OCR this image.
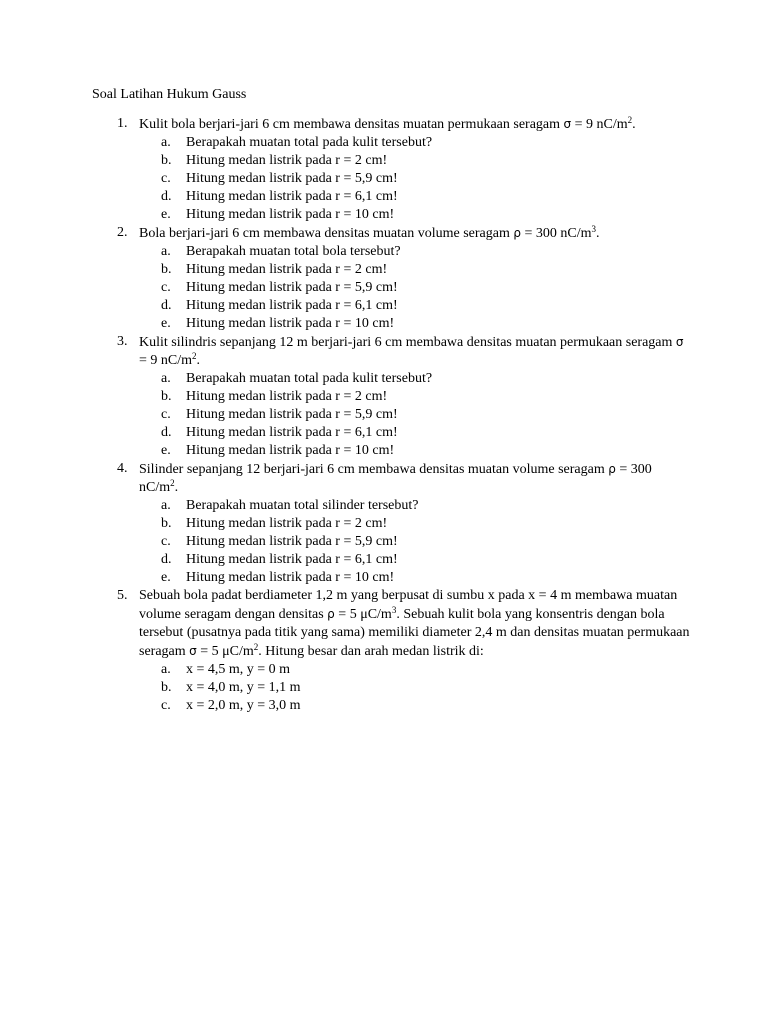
Soal Latihan Hukum Gauss
1. Kulit bola berjari-jari 6 cm membawa densitas muatan permukaan seragam σ = 9 $nC/m^2$.
a. Berapakah muatan total pada kulit tersebut?
b. Hitung medan listrik pada r = 2 cm!
c. Hitung medan listrik pada r = 5,9 cm!
d. Hitung medan listrik pada r = 6,1 cm!
e. Hitung medan listrik pada r = 10 cm!
2. Bola berjari-jari 6 cm membawa densitas muatan volume seragam ρ = 300 $nC/m^3$.
a. Berapakah muatan total bola tersebut?
b. Hitung medan listrik pada r = 2 cm!
c. Hitung medan listrik pada r = 5,9 cm!
d. Hitung medan listrik pada r = 6,1 cm!
e. Hitung medan listrik pada r = 10 cm!
3. Kulit silindris sepanjang 12 m berjari-jari 6 cm membawa densitas muatan permukaan seragam σ = 9 $nC/m^2$.
a. Berapakah muatan total pada kulit tersebut?
b. Hitung medan listrik pada r = 2 cm!
c. Hitung medan listrik pada r = 5,9 cm!
d. Hitung medan listrik pada r = 6,1 cm!
e. Hitung medan listrik pada r = 10 cm!
4. Silinder sepanjang 12 berjari-jari 6 cm membawa densitas muatan volume seragam ρ = 300 $nC/m^2$.
a. Berapakah muatan total silinder tersebut?
b. Hitung medan listrik pada r = 2 cm!
c. Hitung medan listrik pada r = 5,9 cm!
d. Hitung medan listrik pada r = 6,1 cm!
e. Hitung medan listrik pada r = 10 cm!
5. Sebuah bola padat berdiameter 1,2 m yang berpusat di sumbu x pada x = 4 m membawa muatan volume seragam dengan densitas ρ = 5 $\mu C/m^3$. Sebuah kulit bola yang konsentris dengan bola tersebut (pusatnya pada titik yang sama) memiliki diameter 2,4 m dan densitas muatan permukaan seragam σ = 5 $\mu C/m^2$. Hitung besar dan arah medan listrik di:
a. x = 4,5 m, y = 0 m
b. x = 4,0 m, y = 1,1 m
c. x = 2,0 m, y = 3,0 m
